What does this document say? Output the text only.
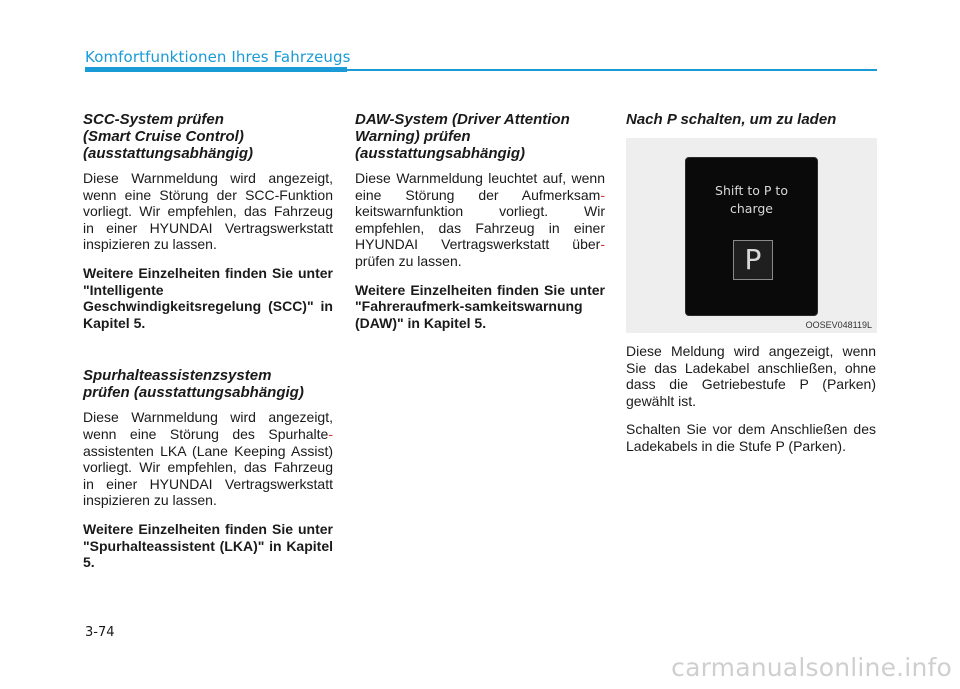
Komfortfunktionen Ihres Fahrzeugs
SCC-System prüfen
(Smart Cruise Control)
(ausstattungsabhängig)

Diese Warnmeldung wird angezeigt, wenn eine Störung der SCC-Funktion vorliegt. Wir empfehlen, das Fahrzeug in einer HYUNDAI Vertragswerkstatt inspizieren zu lassen.

Weitere Einzelheiten finden Sie unter "Intelligente Geschwindigkeitsregelung (SCC)" in Kapitel 5.

Spurhalteassistenzsystem
prüfen (ausstattungsabhängig)

Diese Warnmeldung wird angezeigt, wenn eine Störung des Spurhalte-assistenten LKA (Lane Keeping Assist) vorliegt. Wir empfehlen, das Fahrzeug in einer HYUNDAI Vertragswerkstatt inspizieren zu lassen.

Weitere Einzelheiten finden Sie unter "Spurhalteassistent (LKA)" in Kapitel 5.

DAW-System (Driver Attention
Warning) prüfen
(ausstattungsabhängig)

Diese Warnmeldung leuchtet auf, wenn eine Störung der Aufmerksam-keitswarnfunktion vorliegt. Wir empfehlen, das Fahrzeug in einer HYUNDAI Vertragswerkstatt über-prüfen zu lassen.

Weitere Einzelheiten finden Sie unter "Fahreraufmerk-samkeitswarnung (DAW)" in Kapitel 5.

Nach P schalten, um zu laden
Shift to P to
charge
P
OOSEV048119L

Diese Meldung wird angezeigt, wenn Sie das Ladekabel anschließen, ohne dass die Getriebestufe P (Parken) gewählt ist.

Schalten Sie vor dem Anschließen des Ladekabels in die Stufe P (Parken).

3-74
carmanualsonline.info
